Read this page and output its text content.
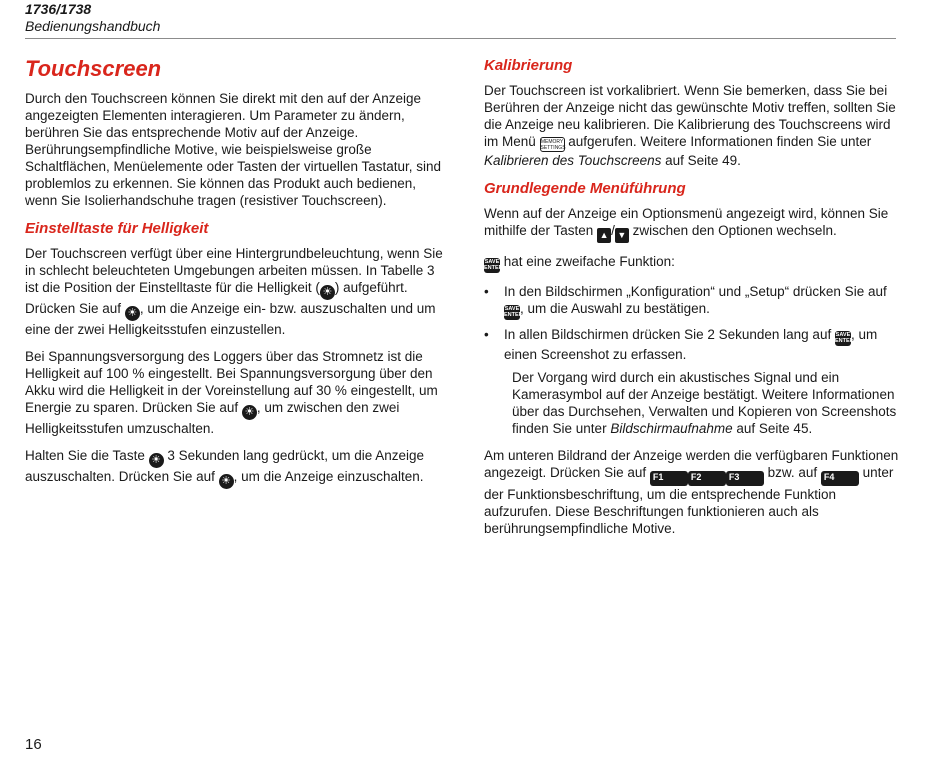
1736/1738
Bedienungshandbuch
Touchscreen

Durch den Touchscreen können Sie direkt mit den auf der Anzeige angezeigten Elementen interagieren. Um Parameter zu ändern, berühren Sie das entsprechende Motiv auf der Anzeige. Berührungsempfindliche Motive, wie beispielsweise große Schaltflächen, Menüelemente oder Tasten der virtuellen Tastatur, sind problemlos zu erkennen. Sie können das Produkt auch bedienen, wenn Sie Isolierhandschuhe tragen (resistiver Touchscreen).

Einstelltaste für Helligkeit

Der Touchscreen verfügt über eine Hintergrundbeleuchtung, wenn Sie in schlecht beleuchteten Umgebungen arbeiten müssen. In Tabelle 3 ist die Position der Einstelltaste für die Helligkeit ( ☀ ) aufgeführt. Drücken Sie auf ☀ , um die Anzeige ein- bzw. auszuschalten und um eine der zwei Helligkeitsstufen einzustellen.

Bei Spannungsversorgung des Loggers über das Stromnetz ist die Helligkeit auf 100 % eingestellt. Bei Spannungsversorgung über den Akku wird die Helligkeit in der Voreinstellung auf 30 % eingestellt, um Energie zu sparen. Drücken Sie auf ☀ , um zwischen den zwei Helligkeitsstufen umzuschalten.

Halten Sie die Taste ☀ 3 Sekunden lang gedrückt, um die Anzeige auszuschalten. Drücken Sie auf ☀ , um die Anzeige einzuschalten.

Kalibrierung

Der Touchscreen ist vorkalibriert. Wenn Sie bemerken, dass Sie bei Berühren der Anzeige nicht das gewünschte Motiv treffen, sollten Sie die Anzeige neu kalibrieren. Die Kalibrierung des Touchscreens wird im Menü MEMORY
SETTINGS aufgerufen. Weitere Informationen finden Sie unter Kalibrieren des Touchscreens auf Seite 49.

Grundlegende Menüführung

Wenn auf der Anzeige ein Optionsmenü angezeigt wird, können Sie mithilfe der Tasten ▲ / ▼ zwischen den Optionen wechseln.

SAVE
ENTER hat eine zweifache Funktion:

• In den Bildschirmen „Konfiguration“ und „Setup“ drücken Sie auf SAVE
ENTER, um die Auswahl zu bestätigen.
• In allen Bildschirmen drücken Sie 2 Sekunden lang auf SAVE
ENTER, um einen Screenshot zu erfassen.

Der Vorgang wird durch ein akustisches Signal und ein Kamerasymbol auf der Anzeige bestätigt. Weitere Informationen über das Durchsehen, Verwalten und Kopieren von Screenshots finden Sie unter Bildschirmaufnahme auf Seite 45.

Am unteren Bildrand der Anzeige werden die verfügbaren Funktionen angezeigt. Drücken Sie auf F1	F2	F3 bzw. auf F4 unter der Funktionsbeschriftung, um die entsprechende Funktion aufzurufen. Diese Beschriftungen funktionieren auch als berührungsempfindliche Motive.

16
